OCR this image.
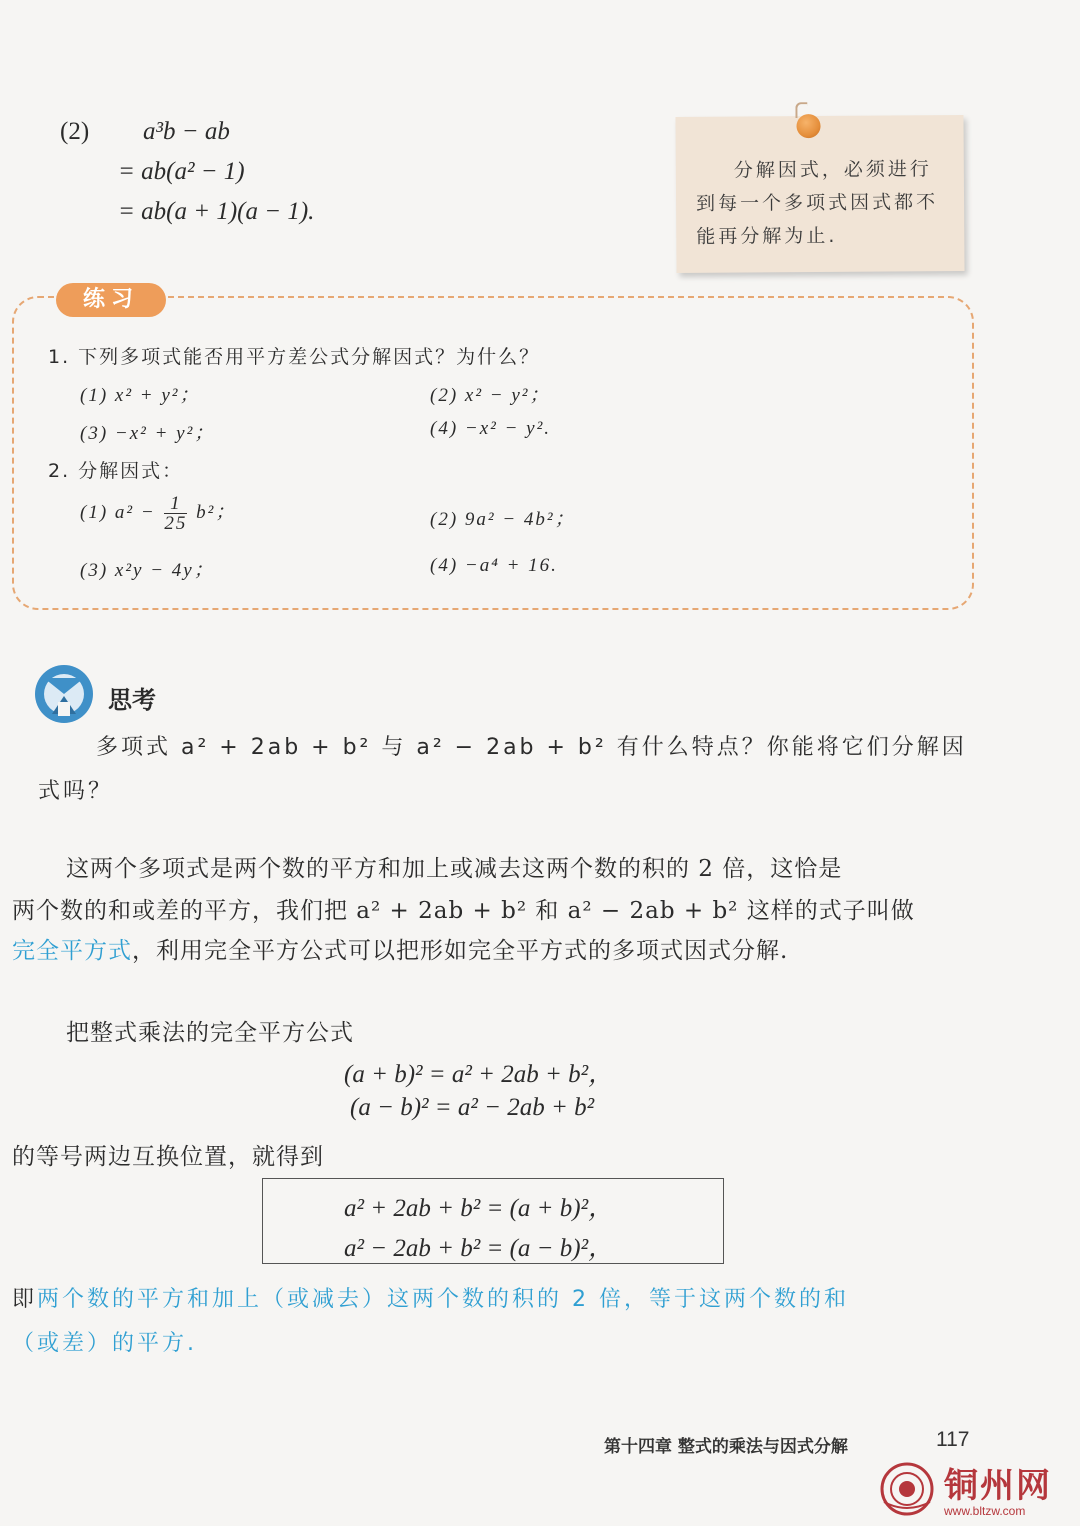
(2) a³b − ab
= ab(a² − 1)
= ab(a + 1)(a − 1).
分解因式，必须进行到每一个多项式因式都不能再分解为止.
练习
1. 下列多项式能否用平方差公式分解因式？为什么？
(1) x² + y²；	(2) x² − y²；
(3) −x² + y²；	(4) −x² − y².
2. 分解因式：
(1) $a^2 - \frac{1}{25} b^2$；	(2) 9a² − 4b²；
(3) x²y − 4y；	(4) −a⁴ + 16.
思考
多项式 a² + 2ab + b² 与 a² − 2ab + b² 有什么特点？你能将它们分解因
式吗？
这两个多项式是两个数的平方和加上或减去这两个数的积的 2 倍，这恰是
两个数的和或差的平方，我们把 a² + 2ab + b² 和 a² − 2ab + b² 这样的式子叫做
完全平方式，利用完全平方公式可以把形如完全平方式的多项式因式分解.
把整式乘法的完全平方公式
(a + b)² = a² + 2ab + b²，
(a − b)² = a² − 2ab + b²
的等号两边互换位置，就得到
a² + 2ab + b² = (a + b)²，
a² − 2ab + b² = (a − b)²，
即两个数的平方和加上（或减去）这两个数的积的 2 倍，等于这两个数的和
（或差）的平方.
第十四章 整式的乘法与因式分解	117
铜州网
www.bltzw.com
